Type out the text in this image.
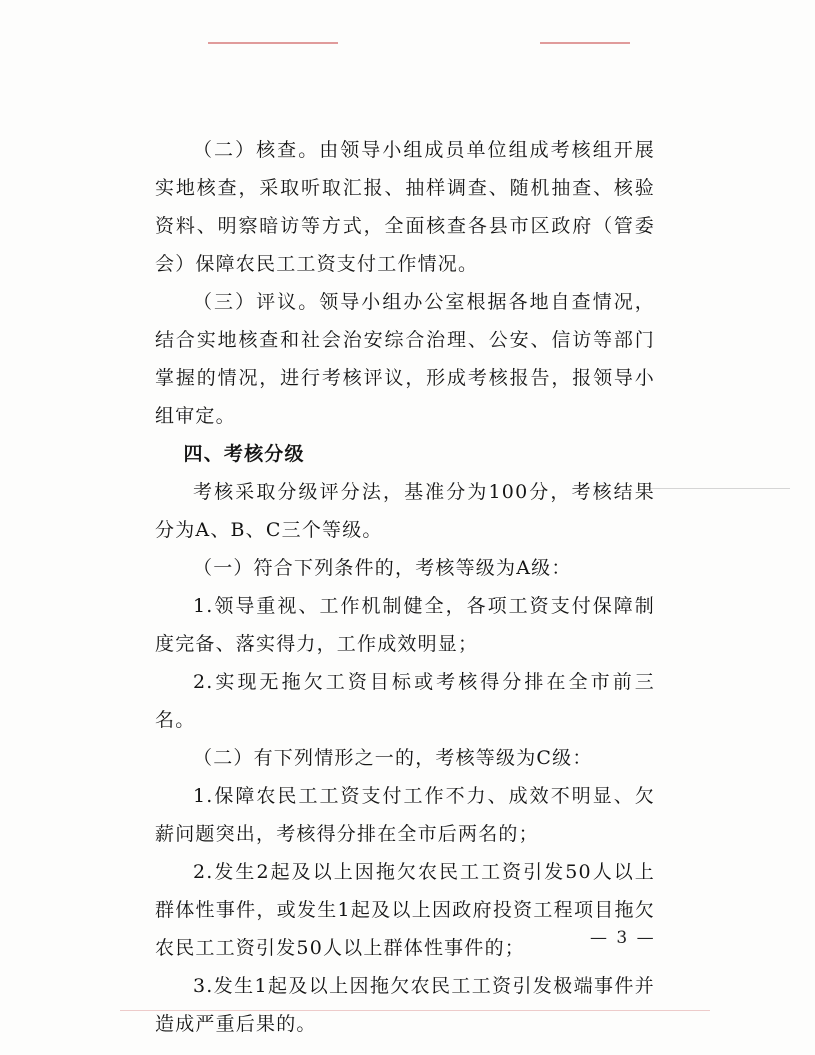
（二）核查。由领导小组成员单位组成考核组开展实地核查，采取听取汇报、抽样调查、随机抽查、核验资料、明察暗访等方式，全面核查各县市区政府（管委会）保障农民工工资支付工作情况。

（三）评议。领导小组办公室根据各地自查情况，结合实地核查和社会治安综合治理、公安、信访等部门掌握的情况，进行考核评议，形成考核报告，报领导小组审定。

四、考核分级

考核采取分级评分法，基准分为100分，考核结果分为A、B、C三个等级。

（一）符合下列条件的，考核等级为A级：

1.领导重视、工作机制健全，各项工资支付保障制度完备、落实得力，工作成效明显；

2.实现无拖欠工资目标或考核得分排在全市前三名。

（二）有下列情形之一的，考核等级为C级：

1.保障农民工工资支付工作不力、成效不明显、欠薪问题突出，考核得分排在全市后两名的；

2.发生2起及以上因拖欠农民工工资引发50人以上群体性事件，或发生1起及以上因政府投资工程项目拖欠农民工工资引发50人以上群体性事件的；

3.发生1起及以上因拖欠农民工工资引发极端事件并造成严重后果的。

— 3 —
